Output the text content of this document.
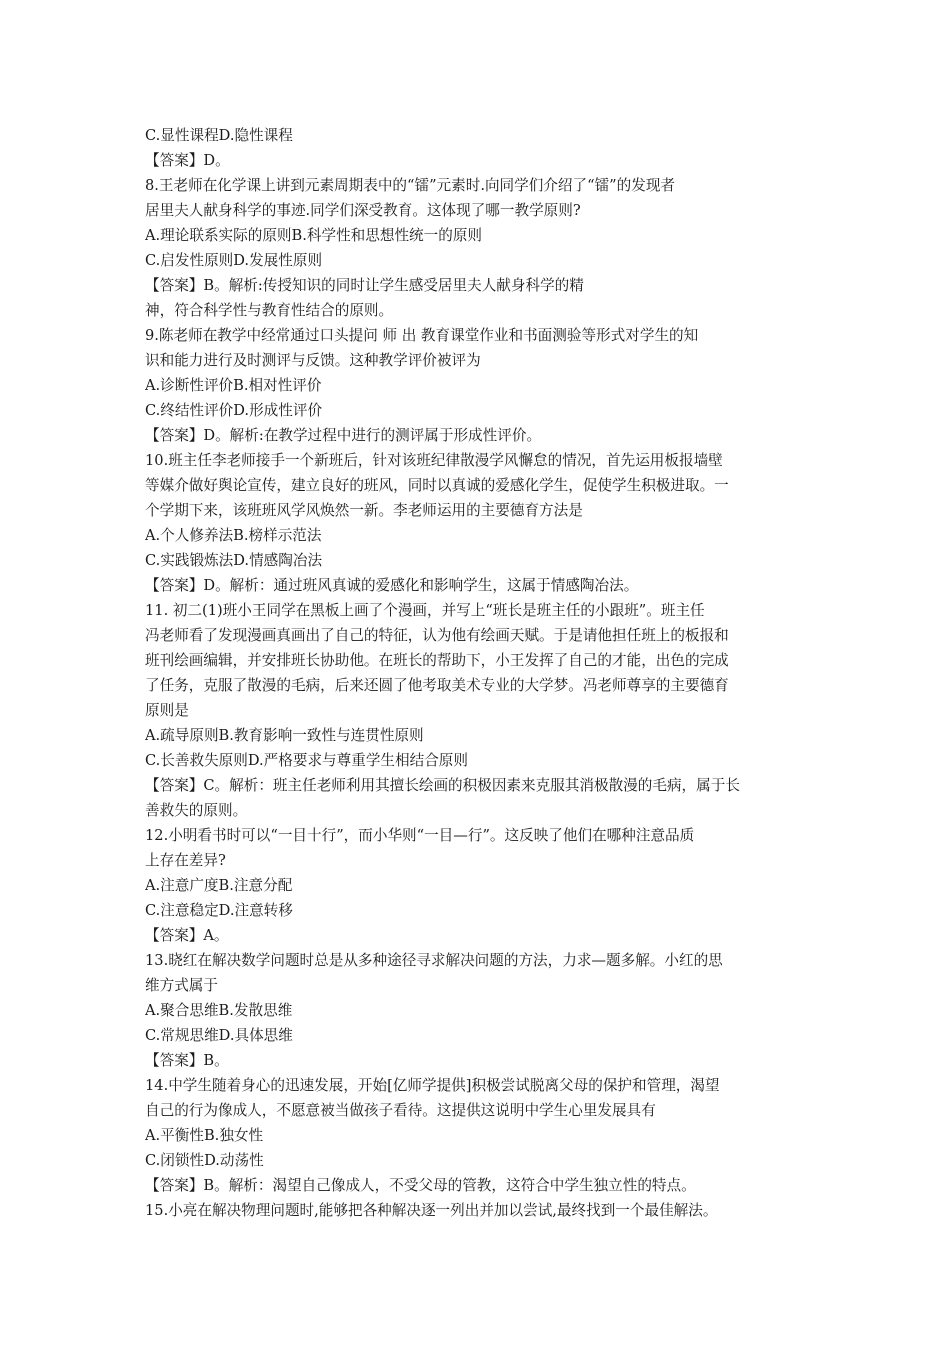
C.显性课程D.隐性课程
【答案】D。
8.王老师在化学课上讲到元素周期表中的“镭”元素时.向同学们介绍了“镭”的发现者
居里夫人献身科学的事迹.同学们深受教育。这体现了哪一教学原则?
A.理论联系实际的原则B.科学性和思想性统一的原则
C.启发性原则D.发展性原则
【答案】B。解析:传授知识的同时让学生感受居里夫人献身科学的精
神，符合科学性与教育性结合的原则。
9.陈老师在教学中经常通过口头提问 师 出 教育课堂作业和书面测验等形式对学生的知
识和能力进行及时测评与反馈。这种教学评价被评为
A.诊断性评价B.相对性评价
C.终结性评价D.形成性评价
【答案】D。解析:在教学过程中进行的测评属于形成性评价。
10.班主任李老师接手一个新班后，针对该班纪律散漫学风懈怠的情况，首先运用板报墙壁
等媒介做好舆论宣传，建立良好的班风，同时以真诚的爱感化学生，促使学生积极进取。一
个学期下来，该班班风学风焕然一新。李老师运用的主要德育方法是
A.个人修养法B.榜样示范法
C.实践锻炼法D.情感陶冶法
【答案】D。解析：通过班风真诚的爱感化和影响学生，这属于情感陶冶法。
11. 初二(1)班小王同学在黑板上画了个漫画，并写上“班长是班主任的小跟班”。班主任
冯老师看了发现漫画真画出了自己的特征，认为他有绘画天赋。于是请他担任班上的板报和
班刊绘画编辑，并安排班长协助他。在班长的帮助下，小王发挥了自己的才能，出色的完成
了任务，克服了散漫的毛病，后来还圆了他考取美术专业的大学梦。冯老师尊享的主要德育
原则是
A.疏导原则B.教育影响一致性与连贯性原则
C.长善救失原则D.严格要求与尊重学生相结合原则
【答案】C。解析：班主任老师利用其擅长绘画的积极因素来克服其消极散漫的毛病，属于长
善救失的原则。
12.小明看书时可以“一目十行”，而小华则“一目—行”。这反映了他们在哪种注意品质
上存在差异?
A.注意广度B.注意分配
C.注意稳定D.注意转移
【答案】A。
13.晓红在解决数学问题时总是从多种途径寻求解决问题的方法，力求—题多解。小红的思
维方式属于
A.聚合思维B.发散思维
C.常规思维D.具体思维
【答案】B。
14.中学生随着身心的迅速发展，开始[亿师学提供]积极尝试脱离父母的保护和管理，渴望
自己的行为像成人，不愿意被当做孩子看待。这提供这说明中学生心里发展具有
A.平衡性B.独女性
C.闭锁性D.动荡性
【答案】B。解析：渴望自己像成人，不受父母的管教，这符合中学生独立性的特点。
15.小亮在解决物理问题时,能够把各种解决逐一列出并加以尝试,最终找到一个最佳解法。
